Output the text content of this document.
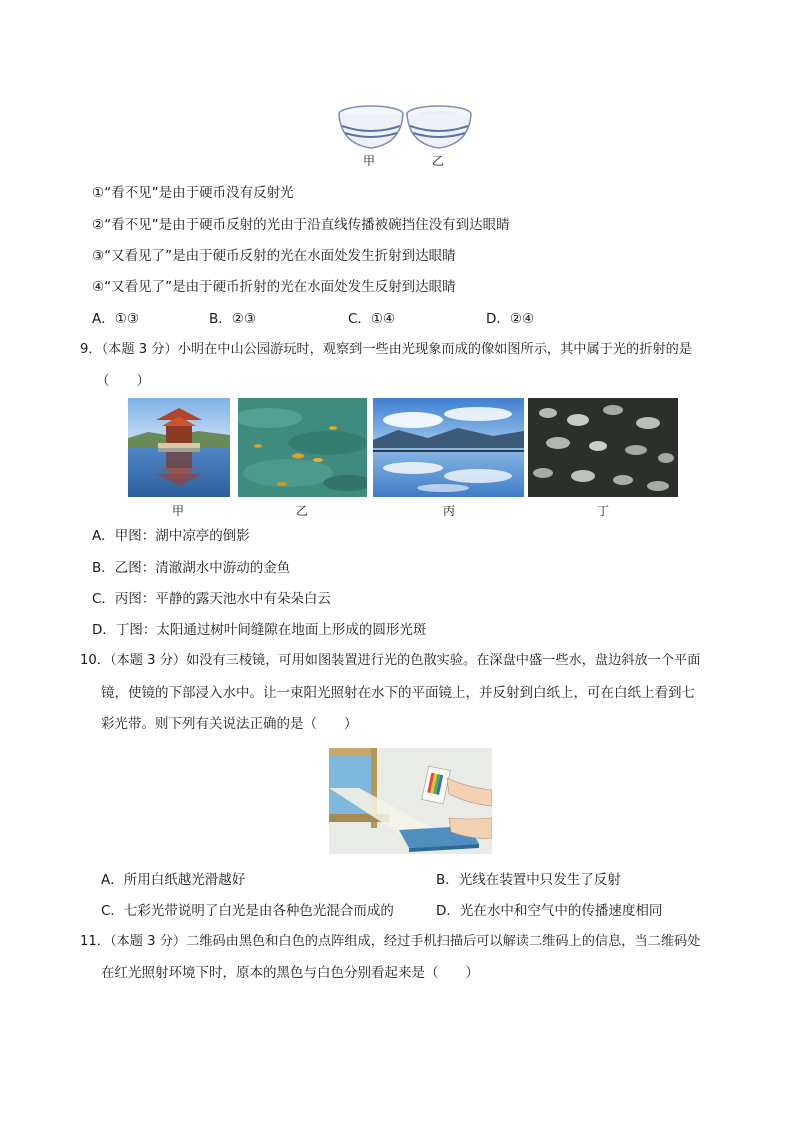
甲	乙
①“看不见”是由于硬币没有反射光
②“看不见”是由于硬币反射的光由于沿直线传播被碗挡住没有到达眼睛
③“又看见了”是由于硬币反射的光在水面处发生折射到达眼睛
④“又看见了”是由于硬币折射的光在水面处发生反射到达眼睛
A．①③	B．②③	C．①④	D．②④
9．（本题 3 分）小明在中山公园游玩时，观察到一些由光现象而成的像如图所示，其中属于光的折射的是
（　　）
甲	乙	丙	丁
A．甲图：湖中凉亭的倒影
B．乙图：清澈湖水中游动的金鱼
C．丙图：平静的露天池水中有朵朵白云
D．丁图：太阳通过树叶间缝隙在地面上形成的圆形光斑
10．（本题 3 分）如没有三棱镜，可用如图装置进行光的色散实验。在深盘中盛一些水，盘边斜放一个平面
镜，使镜的下部浸入水中。让一束阳光照射在水下的平面镜上，并反射到白纸上，可在白纸上看到七
彩光带。则下列有关说法正确的是（　　）
A．所用白纸越光滑越好	B．光线在装置中只发生了反射
C．七彩光带说明了白光是由各种色光混合而成的	D．光在水中和空气中的传播速度相同
11．（本题 3 分）二维码由黑色和白色的点阵组成，经过手机扫描后可以解读二维码上的信息，当二维码处
在红光照射环境下时，原本的黑色与白色分别看起来是（　　）
